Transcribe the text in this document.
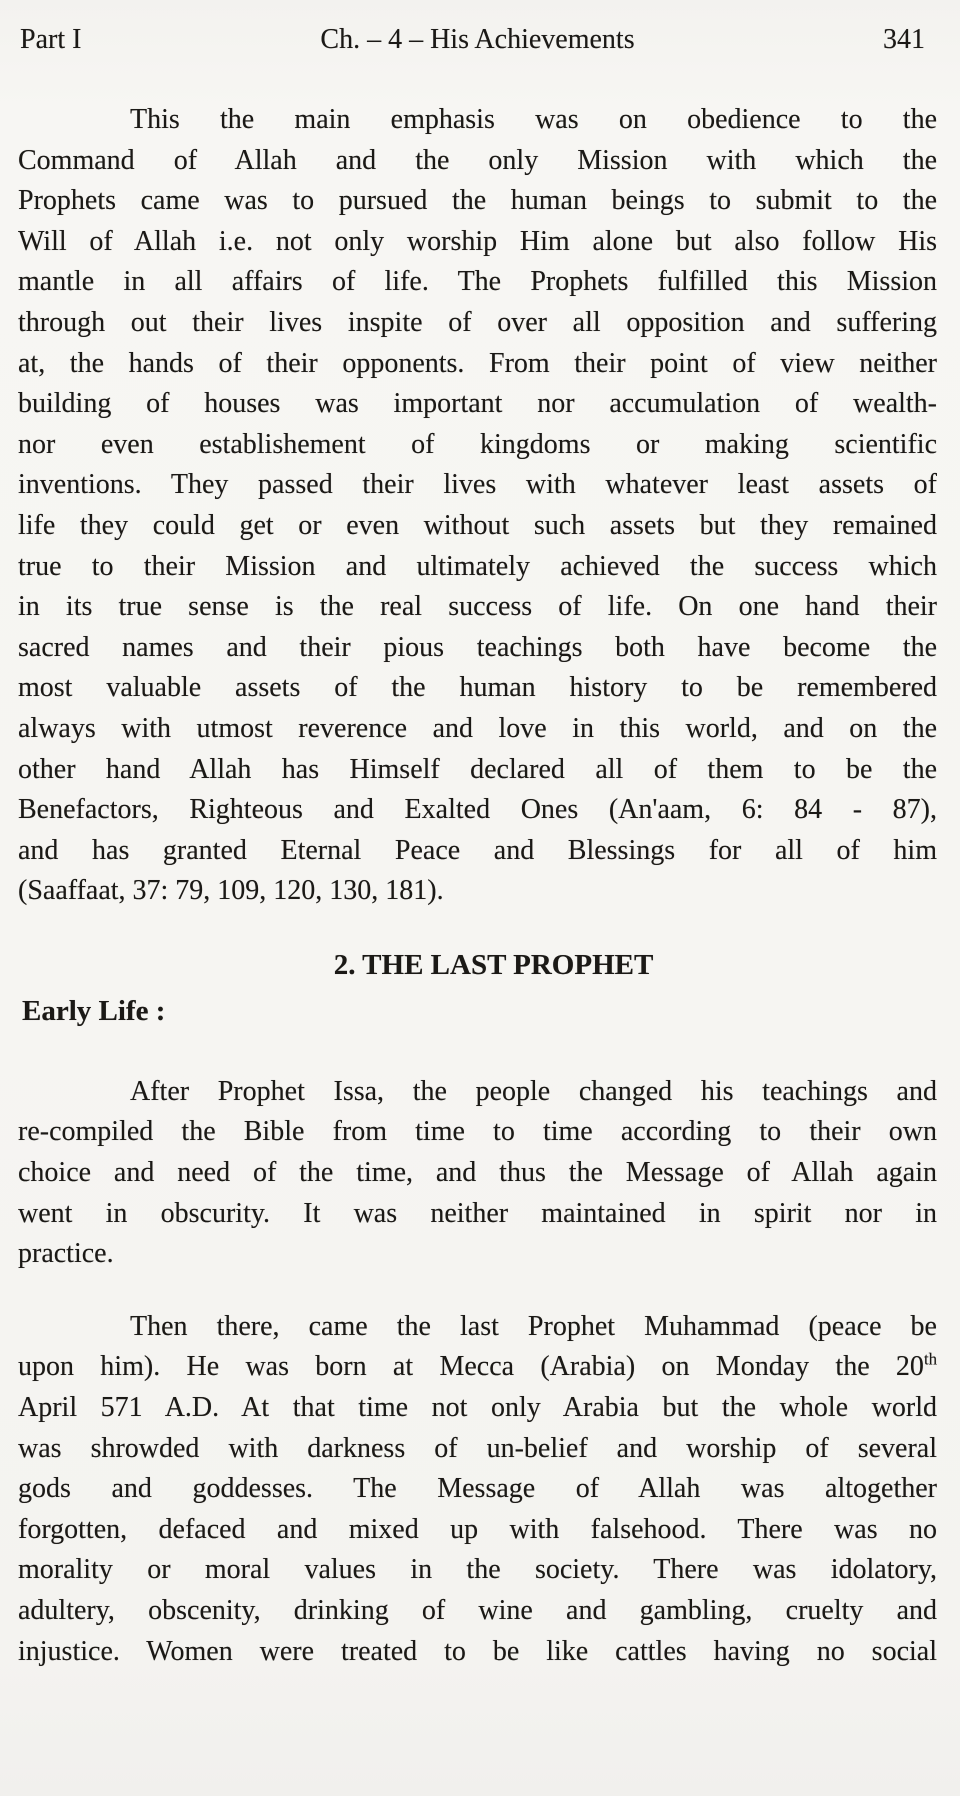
Part I	Ch. – 4 – His Achievements	341
This the main emphasis was on obedience to the
Command of Allah and the only Mission with which the
Prophets came was to pursued the human beings to submit to the
Will of Allah i.e. not only worship Him alone but also follow His
mantle in all affairs of life. The Prophets fulfilled this Mission
through out their lives inspite of over all opposition and suffering
at, the hands of their opponents. From their point of view neither
building of houses was important nor accumulation of wealth-
nor even establishement of kingdoms or making scientific
inventions. They passed their lives with whatever least assets of
life they could get or even without such assets but they remained
true to their Mission and ultimately achieved the success which
in its true sense is the real success of life. On one hand their
sacred names and their pious teachings both have become the
most valuable assets of the human history to be remembered
always with utmost reverence and love in this world, and on the
other hand Allah has Himself declared all of them to be the
Benefactors, Righteous and Exalted Ones (An'aam, 6: 84 - 87),
and has granted Eternal Peace and Blessings for all of him
(Saaffaat, 37: 79, 109, 120, 130, 181).
2. THE LAST PROPHET
Early Life :
After Prophet Issa, the people changed his teachings and
re-compiled the Bible from time to time according to their own
choice and need of the time, and thus the Message of Allah again
went in obscurity. It was neither maintained in spirit nor in
practice.
Then there, came the last Prophet Muhammad (peace be
upon him). He was born at Mecca (Arabia) on Monday the 20th
April 571 A.D. At that time not only Arabia but the whole world
was shrowded with darkness of un-belief and worship of several
gods and goddesses. The Message of Allah was altogether
forgotten, defaced and mixed up with falsehood. There was no
morality or moral values in the society. There was idolatory,
adultery, obscenity, drinking of wine and gambling, cruelty and
injustice. Women were treated to be like cattles having no social
